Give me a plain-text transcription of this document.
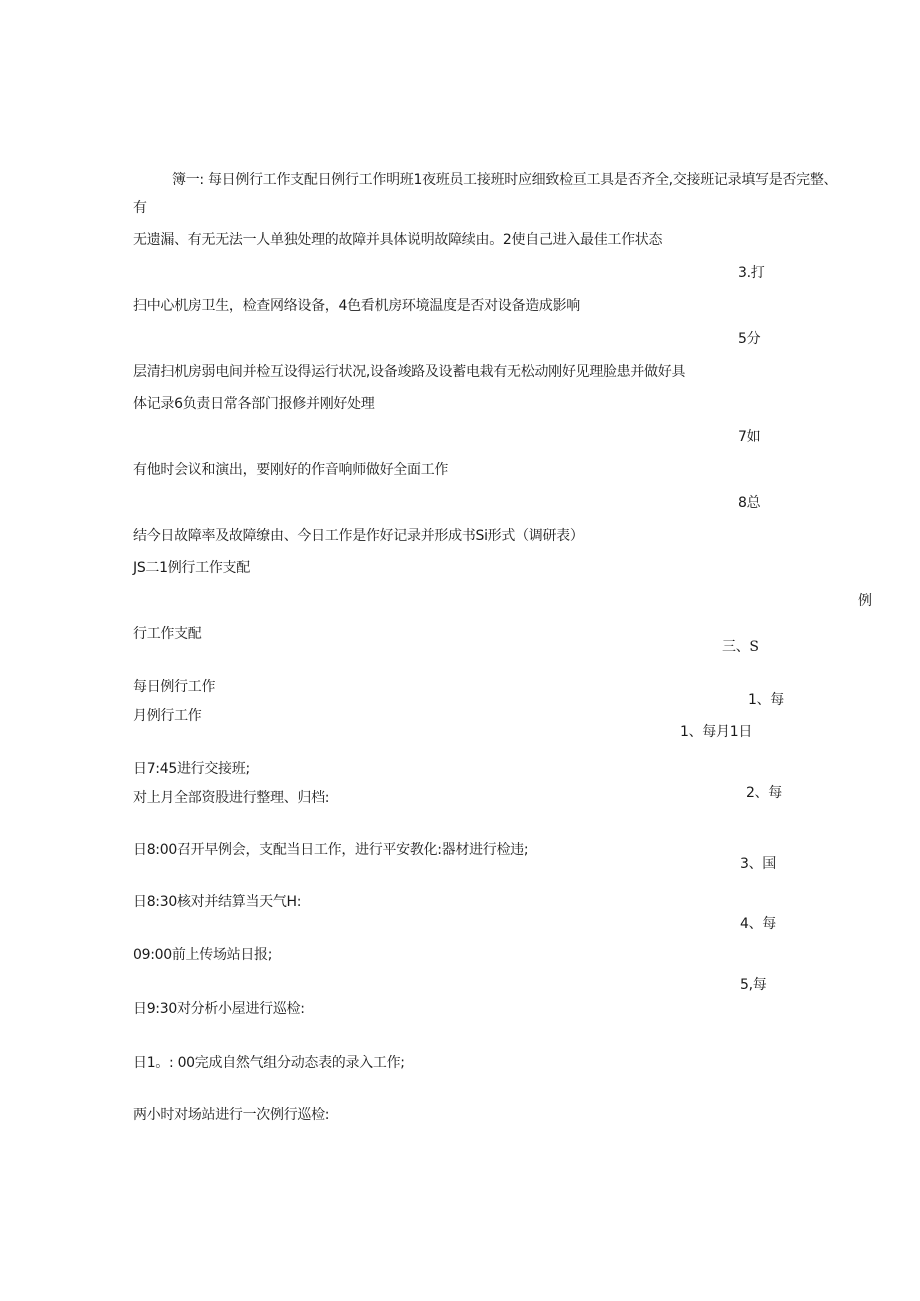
簿一: 每日例行工作支配日例行工作明班1夜班员工接班时应细致检亘工具是否齐全,交接班记录填写是否完整、
有
无遗漏、有无无法一人单独处理的故障并具体说明故障续由。2使自己进入最佳工作状态
3.打
扫中心机房卫生，检查网络设备，4色看机房环境温度是否对设备造成影响
5分
层清扫机房弱电间并检互设得运行状况,设备竣路及设蓄电栽有无松动刚好见理脸患并做好具
体记录6负责日常各部门报修并刚好处理
7如
有他时会议和演出，要刚好的作音响师做好全面工作
8总
结今日故障率及故障缭由、今日工作是作好记录并形成书Si形式（调研表）
JS二1例行工作支配
例
行工作支配
三、S
每日例行工作
1、每
月例行工作
1、每月1日
日7:45进行交接班;
对上月全部资股进行整理、归档:	2、每
日8:00召开早例会，支配当日工作，进行平安教化:器材进行检违;
3、国
日8:30核对并结算当天气H:
4、每
09:00前上传场站日报;
5,每
日9:30对分析小屋进行巡检:
日1。: 00完成自然气组分动态表的录入工作;
两小时对场站进行一次例行巡检:
